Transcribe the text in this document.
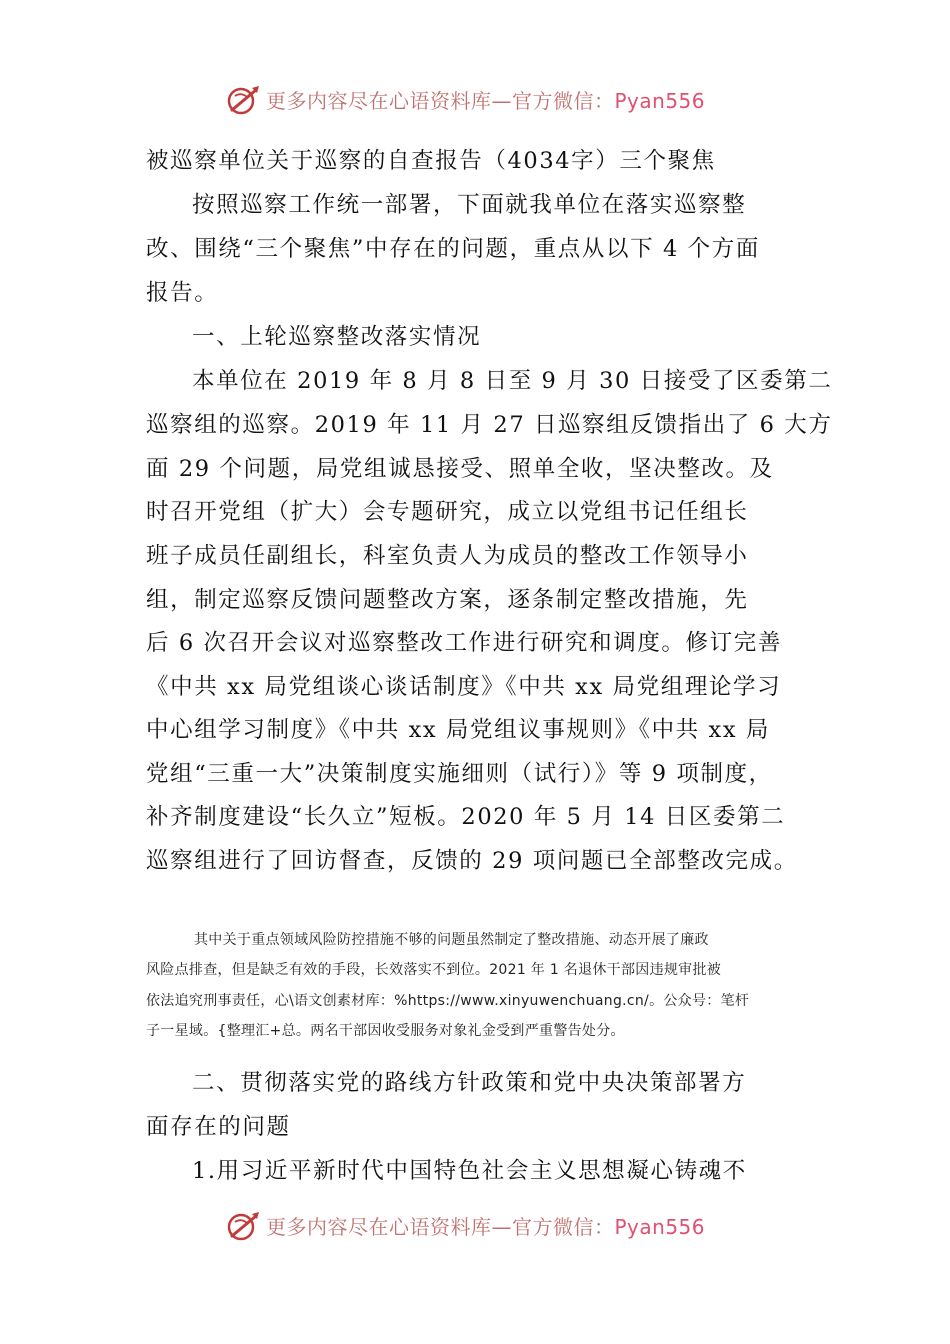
更多内容尽在心语资料库—官方微信：Pyan556
被巡察单位关于巡察的自查报告（4034字）三个聚焦
按照巡察工作统一部署，下面就我单位在落实巡察整
改、围绕“三个聚焦”中存在的问题，重点从以下 4 个方面
报告。
一、上轮巡察整改落实情况
本单位在 2019 年 8 月 8 日至 9 月 30 日接受了区委第二
巡察组的巡察。2019 年 11 月 27 日巡察组反馈指出了 6 大方
面 29 个问题，局党组诚恳接受、照单全收，坚决整改。及
时召开党组（扩大）会专题研究，成立以党组书记任组长
班子成员任副组长，科室负责人为成员的整改工作领导小
组，制定巡察反馈问题整改方案，逐条制定整改措施，先
后 6 次召开会议对巡察整改工作进行研究和调度。修订完善
《中共 xx 局党组谈心谈话制度》《中共 xx 局党组理论学习
中心组学习制度》《中共 xx 局党组议事规则》《中共 xx 局
党组“三重一大”决策制度实施细则（试行）》等 9 项制度，
补齐制度建设“长久立”短板。2020 年 5 月 14 日区委第二
巡察组进行了回访督查，反馈的 29 项问题已全部整改完成。
其中关于重点领域风险防控措施不够的问题虽然制定了整改措施、动态开展了廉政
风险点排查，但是缺乏有效的手段，长效落实不到位。2021 年 1 名退休干部因违规审批被
依法追究刑事责任，心\语文创素材库：%https://www.xinyuwenchuang.cn/。公众号：笔杆
子一星域。{整理汇+总。两名干部因收受服务对象礼金受到严重警告处分。
二、贯彻落实党的路线方针政策和党中央决策部署方
面存在的问题
1.用习近平新时代中国特色社会主义思想凝心铸魂不
更多内容尽在心语资料库—官方微信：Pyan556
